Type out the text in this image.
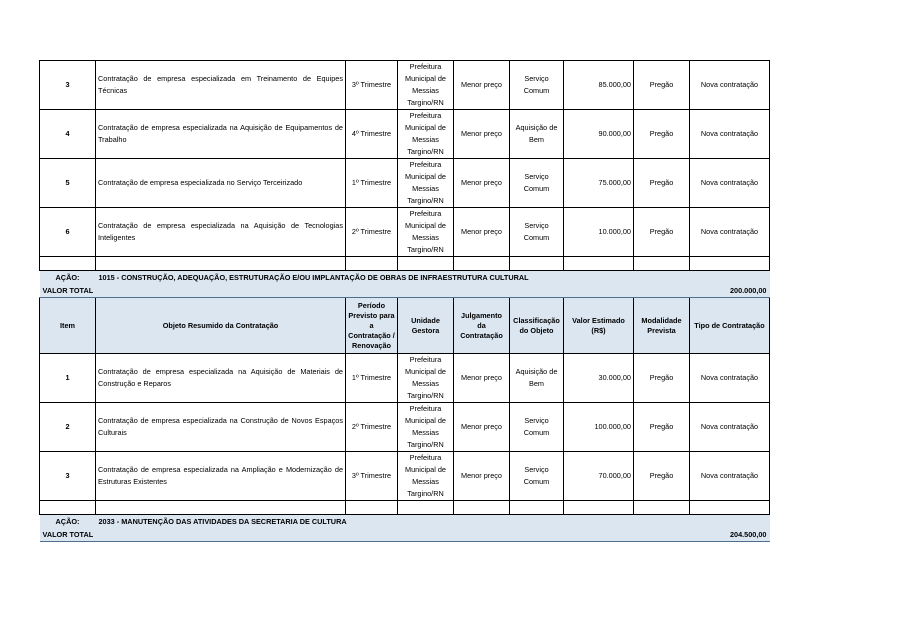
3	Contratação de empresa especializada em Treinamento de Equipes Técnicas	3º Trimestre	Prefeitura Municipal de Messias Targino/RN	Menor preço	Serviço Comum	85.000,00	Pregão	Nova contratação
4	Contratação de empresa especializada na Aquisição de Equipamentos de Trabalho	4º Trimestre	Prefeitura Municipal de Messias Targino/RN	Menor preço	Aquisição de Bem	90.000,00	Pregão	Nova contratação
5	Contratação de empresa especializada no Serviço Terceirizado	1º Trimestre	Prefeitura Municipal de Messias Targino/RN	Menor preço	Serviço Comum	75.000,00	Pregão	Nova contratação
6	Contratação de empresa especializada na Aquisição de Tecnologias Inteligentes	2º Trimestre	Prefeitura Municipal de Messias Targino/RN	Menor preço	Serviço Comum	10.000,00	Pregão	Nova contratação

AÇÃO:	1015 - CONSTRUÇÃO, ADEQUAÇÃO, ESTRUTURAÇÃO E/OU IMPLANTAÇÃO DE OBRAS DE INFRAESTRUTURA CULTURAL							
VALOR TOTAL		200.000,00						
Item	Objeto Resumido da Contratação	Período Previsto para a Contratação / Renovação	Unidade Gestora	Julgamento da Contratação	Classificação do Objeto	Valor Estimado (R$)	Modalidade Prevista	Tipo de Contratação
1	Contratação de empresa especializada na Aquisição de Materiais de Construção e Reparos	1º Trimestre	Prefeitura Municipal de Messias Targino/RN	Menor preço	Aquisição de Bem	30.000,00	Pregão	Nova contratação
2	Contratação de empresa especializada na Construção de Novos Espaços Culturais	2º Trimestre	Prefeitura Municipal de Messias Targino/RN	Menor preço	Serviço Comum	100.000,00	Pregão	Nova contratação
3	Contratação de empresa especializada na Ampliação e Modernização de Estruturas Existentes	3º Trimestre	Prefeitura Municipal de Messias Targino/RN	Menor preço	Serviço Comum	70.000,00	Pregão	Nova contratação

AÇÃO:	2033 - MANUTENÇÃO DAS ATIVIDADES DA SECRETARIA DE CULTURA							
VALOR TOTAL		204.500,00						
